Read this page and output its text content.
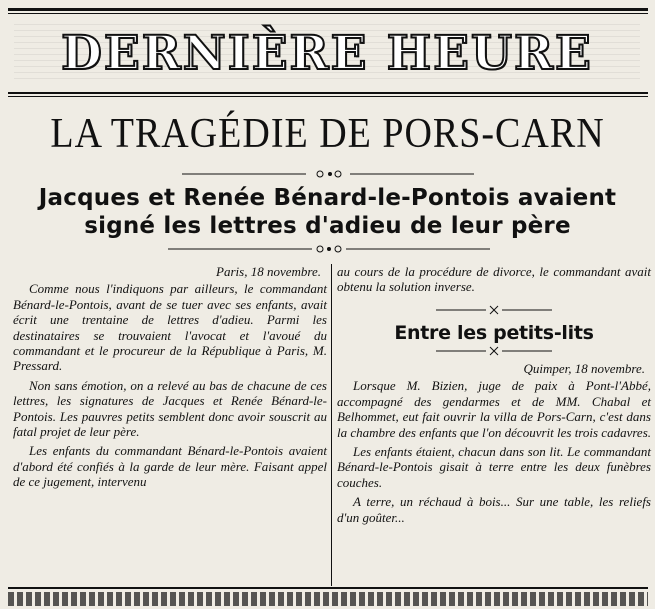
DERNIÈRE HEURE
LA TRAGÉDIE DE PORS-CARN
Jacques et Renée Bénard-le-Pontois avaient
signé les lettres d'adieu de leur père

Paris, 18 novembre.

Comme nous l'indiquons par ailleurs, le commandant Bénard-le-Pontois, avant de se tuer avec ses enfants, avait écrit une trentaine de lettres d'adieu. Parmi les destinataires se trouvaient l'avocat et l'avoué du commandant et le procureur de la République à Paris, M. Pressard.

Non sans émotion, on a relevé au bas de chacune de ces lettres, les signatures de Jacques et Renée Bénard-le-Pontois. Les pauvres petits semblent donc avoir souscrit au fatal projet de leur père.

Les enfants du commandant Bénard-le-Pontois avaient d'abord été confiés à la garde de leur mère. Faisant appel de ce jugement, intervenu

au cours de la procédure de divorce, le commandant avait obtenu la solution inverse.

Entre les petits-lits

Quimper, 18 novembre.

Lorsque M. Bizien, juge de paix à Pont-l'Abbé, accompagné des gendarmes et de MM. Chabal et Belhommet, eut fait ouvrir la villa de Pors-Carn, c'est dans la chambre des enfants que l'on découvrit les trois cadavres.

Les enfants étaient, chacun dans son lit. Le commandant Bénard-le-Pontois gisait à terre entre les deux funèbres couches.

A terre, un réchaud à bois... Sur une table, les reliefs d'un goûter...
